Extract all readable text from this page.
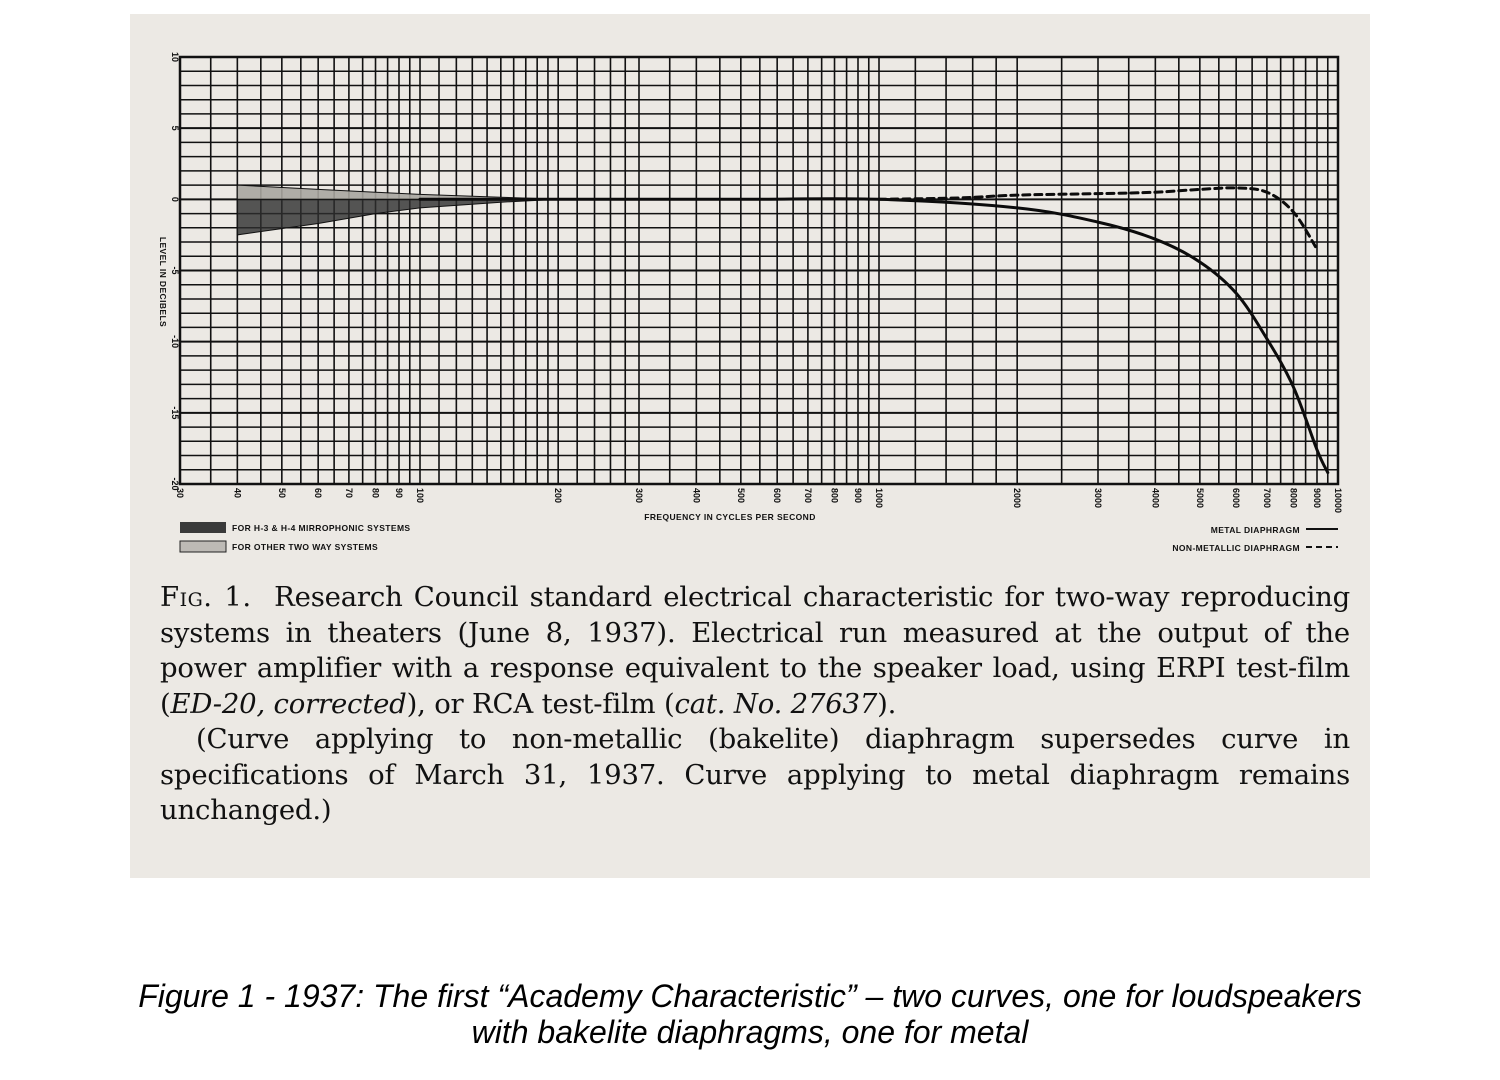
10
5
0
-5
-10
-15
-20
30	40	50	60 70 80 90 100	200	300	400	500	600 700 800 900 1000	2000	3000	4000	5000	6000 7000 8000 9000 10000
LEVEL IN DECIBELS
FREQUENCY IN CYCLES PER SECOND
FOR H-3 & H-4 MIRROPHONIC SYSTEMS
FOR OTHER TWO WAY SYSTEMS
METAL DIAPHRAGM
NON-METALLIC DIAPHRAGM

Fig. 1. Research Council standard electrical characteristic for two-way reproducing systems in theaters (June 8, 1937). Electrical run measured at the output of the power amplifier with a response equivalent to the speaker load, using ERPI test-film (ED-20, corrected), or RCA test-film (cat. No. 27637).

(Curve applying to non-metallic (bakelite) diaphragm supersedes curve in specifications of March 31, 1937. Curve applying to metal diaphragm remains unchanged.)

Figure 1 - 1937: The first “Academy Characteristic” – two curves, one for loudspeakers
with bakelite diaphragms, one for metal
